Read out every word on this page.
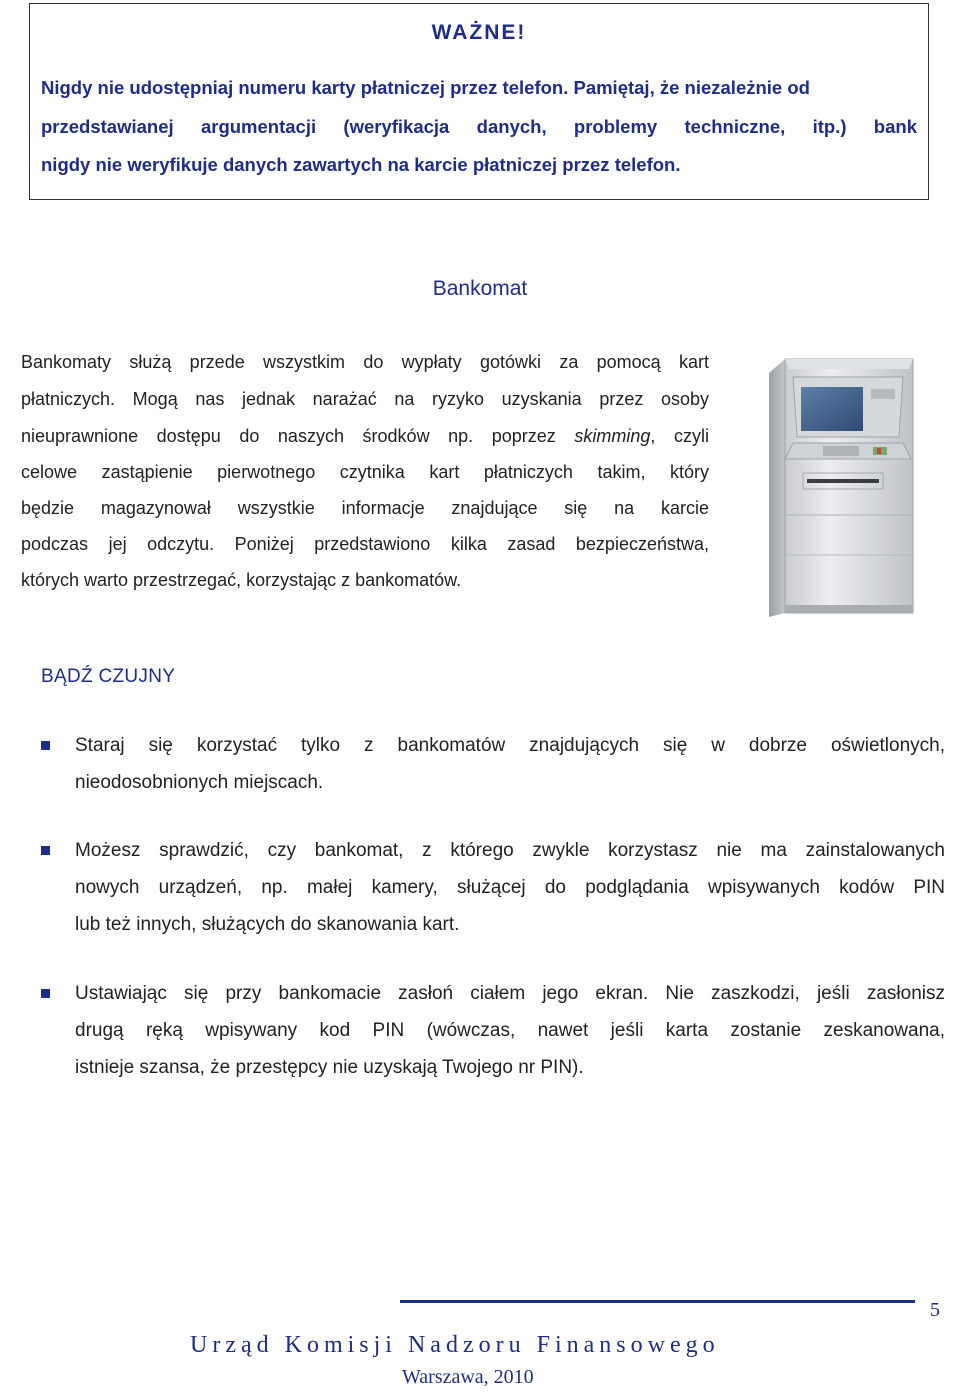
WAŻNE!
Nigdy nie udostępniaj numeru karty płatniczej przez telefon. Pamiętaj, że niezależnie od
przedstawianej argumentacji (weryfikacja danych, problemy techniczne, itp.) bank
nigdy nie weryfikuje danych zawartych na karcie płatniczej przez telefon.
Bankomat
Bankomaty służą przede wszystkim do wypłaty gotówki za pomocą kart
płatniczych. Mogą nas jednak narażać na ryzyko uzyskania przez osoby
nieuprawnione dostępu do naszych środków np. poprzez skimming, czyli
celowe zastąpienie pierwotnego czytnika kart płatniczych takim, który
będzie magazynował wszystkie informacje znajdujące się na karcie
podczas jej odczytu. Poniżej przedstawiono kilka zasad bezpieczeństwa,
których warto przestrzegać, korzystając z bankomatów.
BĄDŹ CZUJNY
Staraj się korzystać tylko z bankomatów znajdujących się w dobrze oświetlonych,
nieodosobnionych miejscach.
Możesz sprawdzić, czy bankomat, z którego zwykle korzystasz nie ma zainstalowanych
nowych urządzeń, np. małej kamery, służącej do podglądania wpisywanych kodów PIN
lub też innych, służących do skanowania kart.
Ustawiając się przy bankomacie zasłoń ciałem jego ekran. Nie zaszkodzi, jeśli zasłonisz
drugą ręką wpisywany kod PIN (wówczas, nawet jeśli karta zostanie zeskanowana,
istnieje szansa, że przestępcy nie uzyskają Twojego nr PIN).
5
Urząd Komisji Nadzoru Finansowego
Warszawa, 2010
